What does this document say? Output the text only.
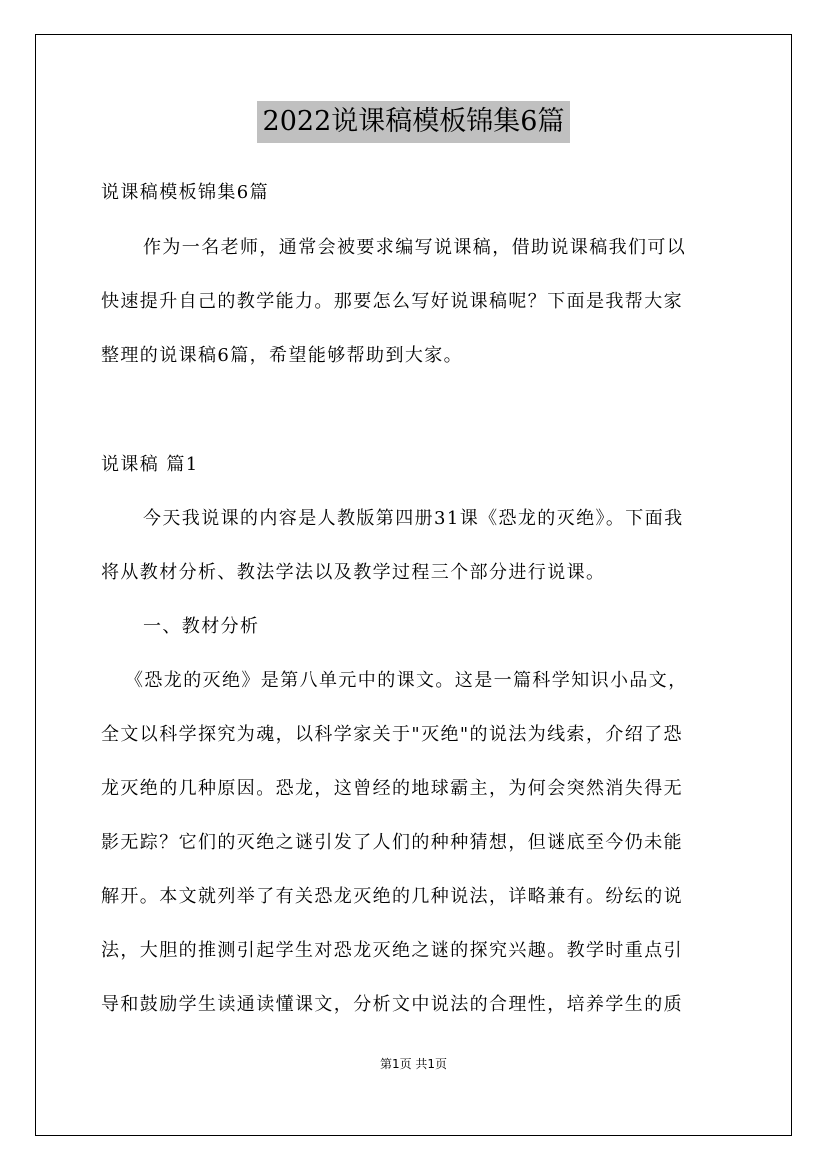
2022说课稿模板锦集6篇
说课稿模板锦集6篇
作为一名老师，通常会被要求编写说课稿，借助说课稿我们可以
快速提升自己的教学能力。那要怎么写好说课稿呢？下面是我帮大家
整理的说课稿6篇，希望能够帮助到大家。
说课稿 篇1
今天我说课的内容是人教版第四册31课《恐龙的灭绝》。下面我
将从教材分析、教法学法以及教学过程三个部分进行说课。
一、教材分析
《恐龙的灭绝》是第八单元中的课文。这是一篇科学知识小品文，
全文以科学探究为魂，以科学家关于"灭绝"的说法为线索，介绍了恐
龙灭绝的几种原因。恐龙，这曾经的地球霸主，为何会突然消失得无
影无踪？它们的灭绝之谜引发了人们的种种猜想，但谜底至今仍未能
解开。本文就列举了有关恐龙灭绝的几种说法，详略兼有。纷纭的说
法，大胆的推测引起学生对恐龙灭绝之谜的探究兴趣。教学时重点引
导和鼓励学生读通读懂课文，分析文中说法的合理性，培养学生的质
第1页 共1页
